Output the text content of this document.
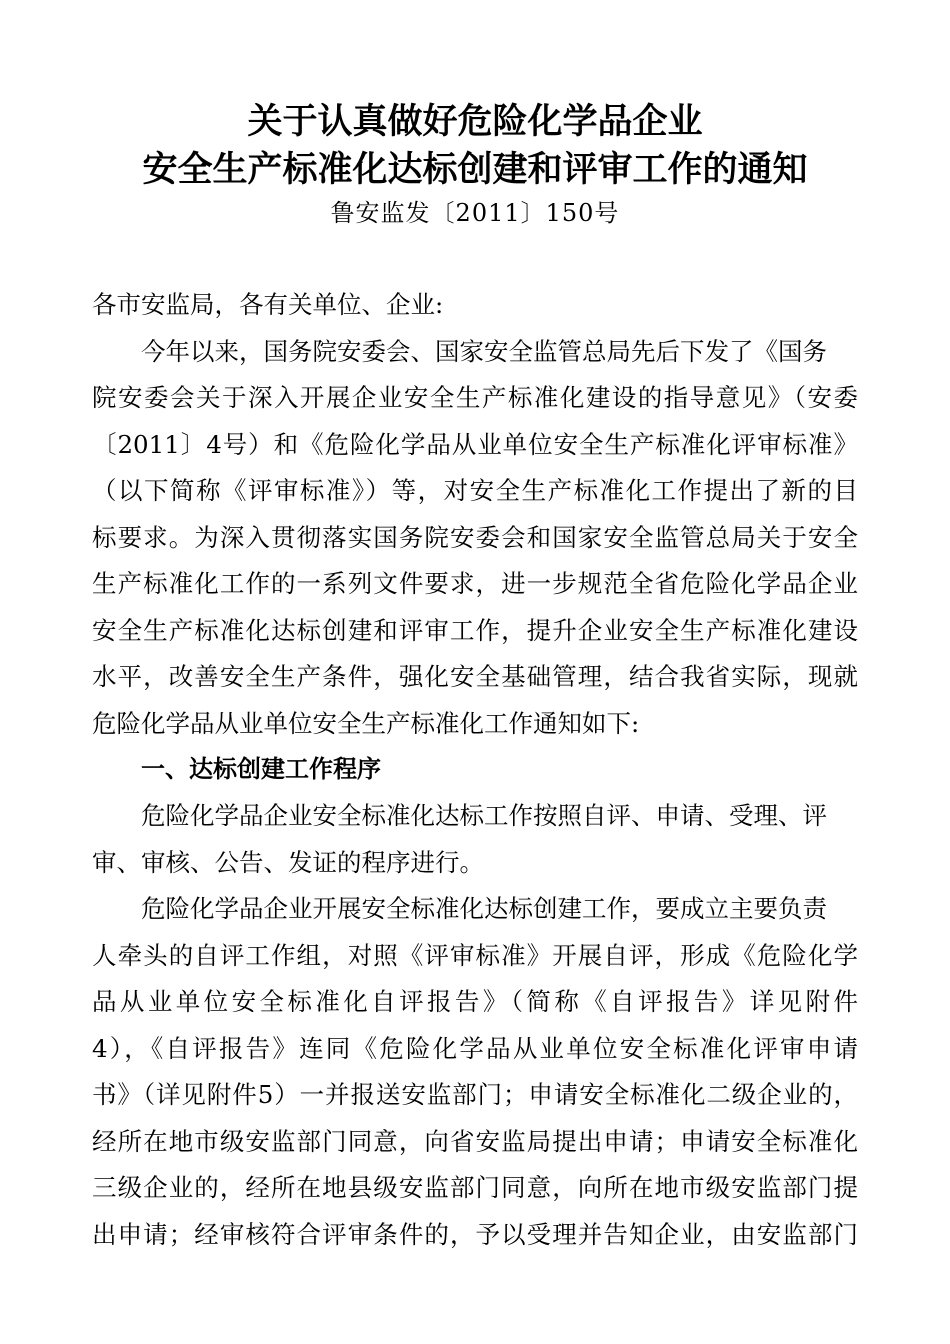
关于认真做好危险化学品企业
安全生产标准化达标创建和评审工作的通知
鲁安监发〔2011〕150号
各市安监局，各有关单位、企业:
今年以来，国务院安委会、国家安全监管总局先后下发了《国务
院安委会关于深入开展企业安全生产标准化建设的指导意见》（安委
〔2011〕4号）和《危险化学品从业单位安全生产标准化评审标准》
（以下简称《评审标准》）等，对安全生产标准化工作提出了新的目
标要求。为深入贯彻落实国务院安委会和国家安全监管总局关于安全
生产标准化工作的一系列文件要求，进一步规范全省危险化学品企业
安全生产标准化达标创建和评审工作，提升企业安全生产标准化建设
水平，改善安全生产条件，强化安全基础管理，结合我省实际，现就
危险化学品从业单位安全生产标准化工作通知如下:
一、达标创建工作程序
危险化学品企业安全标准化达标工作按照自评、申请、受理、评
审、审核、公告、发证的程序进行。
危险化学品企业开展安全标准化达标创建工作，要成立主要负责
人牵头的自评工作组，对照《评审标准》开展自评，形成《危险化学
品从业单位安全标准化自评报告》（简称《自评报告》详见附件
4），《自评报告》连同《危险化学品从业单位安全标准化评审申请
书》（详见附件5）一并报送安监部门；申请安全标准化二级企业的，
经所在地市级安监部门同意，向省安监局提出申请；申请安全标准化
三级企业的，经所在地县级安监部门同意，向所在地市级安监部门提
出申请；经审核符合评审条件的，予以受理并告知企业，由安监部门
